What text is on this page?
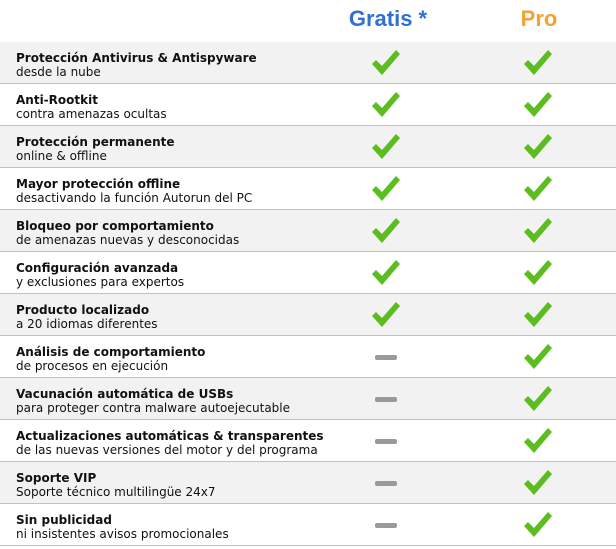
Gratis *	Pro
Protección Antivirus & Antispyware
desde la nube
Anti-Rootkit
contra amenazas ocultas
Protección permanente
online & offline
Mayor protección offline
desactivando la función Autorun del PC
Bloqueo por comportamiento
de amenazas nuevas y desconocidas
Configuración avanzada
y exclusiones para expertos
Producto localizado
a 20 idiomas diferentes
Análisis de comportamiento
de procesos en ejecución
Vacunación automática de USBs
para proteger contra malware autoejecutable
Actualizaciones automáticas & transparentes
de las nuevas versiones del motor y del programa
Soporte VIP
Soporte técnico multilingüe 24x7
Sin publicidad
ni insistentes avisos promocionales
